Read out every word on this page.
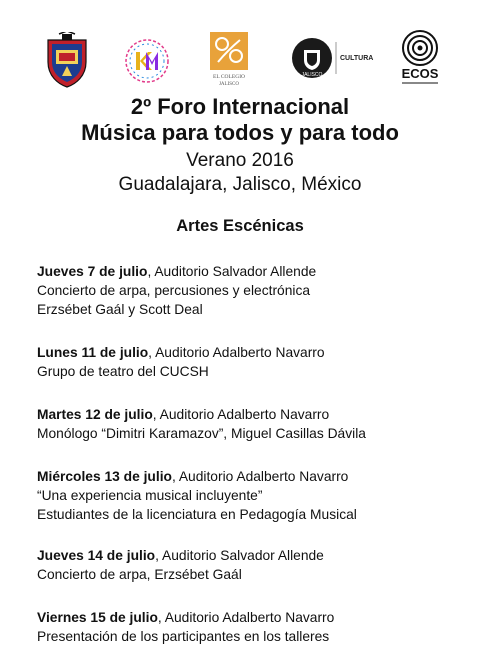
EL COLEGIO
JALISCO
JALISCO
CULTURA
ECOS
2º Foro Internacional
Música para todos y para todo
Verano 2016
Guadalajara, Jalisco, México
Artes Escénicas
Jueves 7 de julio, Auditorio Salvador Allende
Concierto de arpa, percusiones y electrónica
Erzsébet Gaál y Scott Deal
Lunes 11 de julio, Auditorio Adalberto Navarro
Grupo de teatro del CUCSH
Martes 12 de julio, Auditorio Adalberto Navarro
Monólogo “Dimitri Karamazov”, Miguel Casillas Dávila
Miércoles 13 de julio, Auditorio Adalberto Navarro
“Una experiencia musical incluyente”
Estudiantes de la licenciatura en Pedagogía Musical
Jueves 14 de julio, Auditorio Salvador Allende
Concierto de arpa, Erzsébet Gaál
Viernes 15 de julio, Auditorio Adalberto Navarro
Presentación de los participantes en los talleres
